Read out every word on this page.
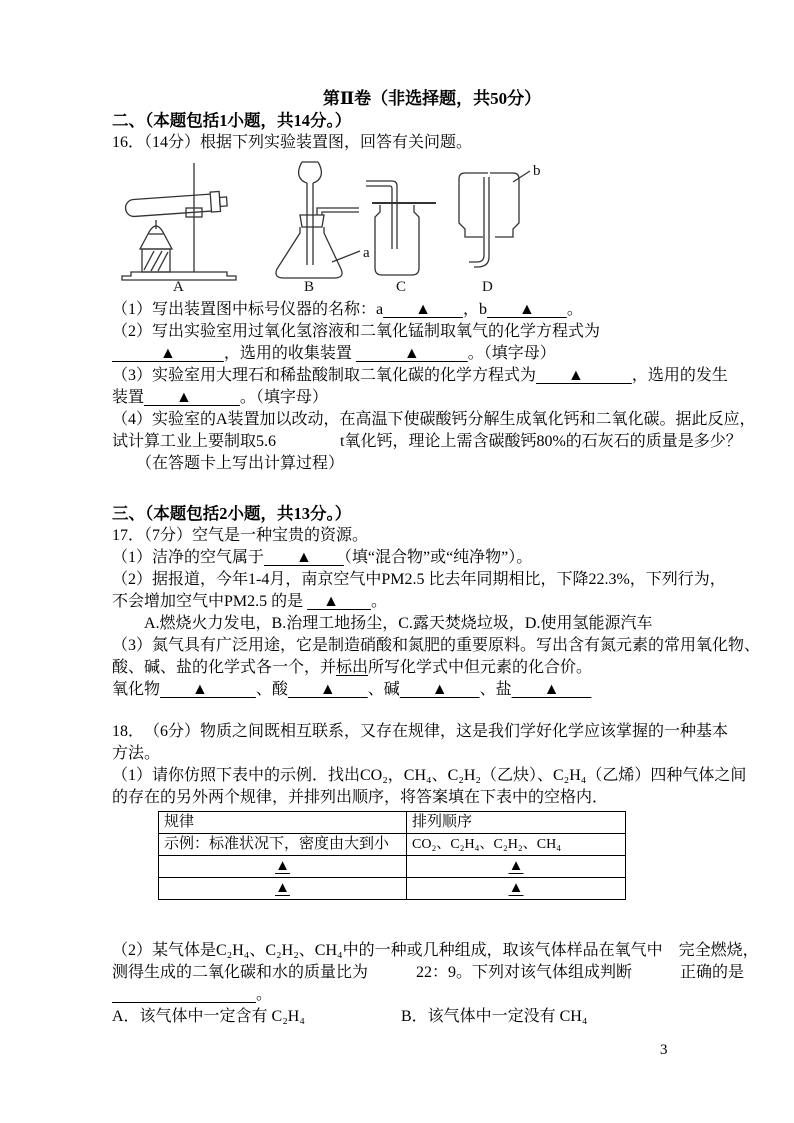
第Ⅱ卷（非选择题，共50分）

二、（本题包括1小题，共14分。）

16．（14分）根据下列实验装置图，回答有关问题。

a
b
A	B	C	D

（1）写出装置图中标号仪器的名称：a　　▲　　，b　　▲　　。

（2）写出实验室用过氧化氢溶液和二氧化锰制取氧气的化学方程式为

　　　▲　　　，选用的收集装置 　　　▲　　　。（填字母）

（3）实验室用大理石和稀盐酸制取二氧化碳的化学方程式为　　▲　　　，选用的发生

装置　　▲　　　。（填字母）

（4）实验室的A装置加以改动，在高温下使碳酸钙分解生成氧化钙和二氧化碳。据此反应，

试计算工业上要制取5.6　　　　t氧化钙，理论上需含碳酸钙80%的石灰石的质量是多少？

　　（在答题卡上写出计算过程）

三、（本题包括2小题，共13分。）

17．（7分）空气是一种宝贵的资源。

（1）洁净的空气属于　　▲　　（填“混合物”或“纯净物”）。

（2）据报道，今年1-4月，南京空气中PM2.5 比去年同期相比，下降22.3%，下列行为，

不会增加空气中PM2.5 的是 　▲　　。

　　A.燃烧火力发电，B.治理工地扬尘，C.露天焚烧垃圾，D.使用氢能源汽车

（3）氮气具有广泛用途，它是制造硝酸和氮肥的重要原料。写出含有氮元素的常用氧化物、

酸、碱、盐的化学式各一个，并标出所写化学式中但元素的化合价。

氧化物　　▲　　　、酸　　▲　　、碱　　▲　　、盐　　▲　　

18．　（6分）物质之间既相互联系，又存在规律，这是我们学好化学应该掌握的一种基本

方法。

（1）请你仿照下表中的示例．找出CO₂，CH₄、C₂H₂（乙炔）、C₂H₄（乙烯）四种气体之间

的存在的另外两个规律，并排列出顺序，将答案填在下表中的空格内．

规律	排列顺序
示例：标准状况下，密度由大到小	CO₂、C₂H₄、C₂H₂、CH₄
▲	▲
▲	▲

（2）某气体是C₂H₄、C₂H₂、CH₄中的一种或几种组成，取该气体样品在氧气中　完全燃烧，

测得生成的二氧化碳和水的质量比为　　　22：9。下列对该气体组成判断　　　正确的是

　　　　　　　　　。

A．该气体中一定含有 C₂H₄　　　　　　B．该气体中一定没有 CH₄

3
